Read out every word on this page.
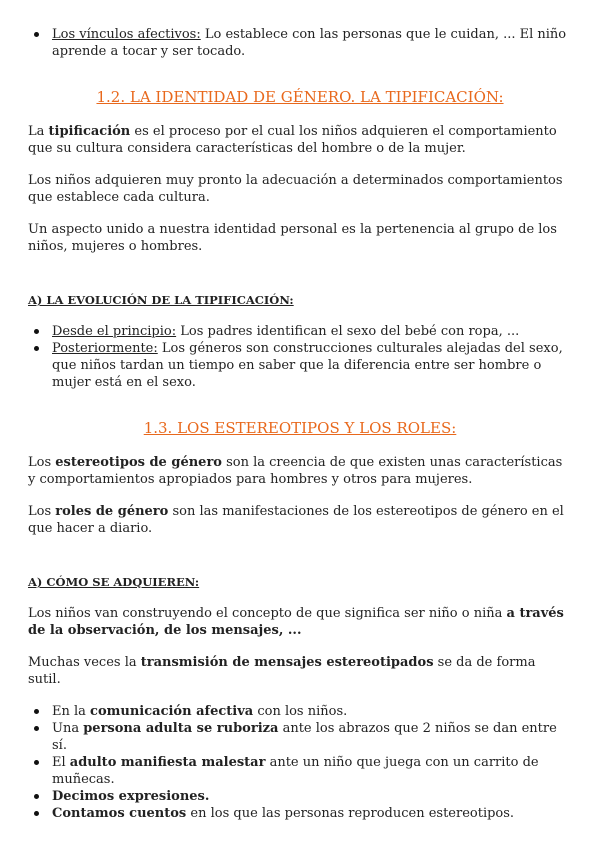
Los vínculos afectivos: Lo establece con las personas que le cuidan, ... El niño aprende a tocar y ser tocado.
1.2. LA IDENTIDAD DE GÉNERO. LA TIPIFICACIÓN:

La tipificación es el proceso por el cual los niños adquieren el comportamiento que su cultura considera características del hombre o de la mujer.

Los niños adquieren muy pronto la adecuación a determinados comportamientos que establece cada cultura.

Un aspecto unido a nuestra identidad personal es la pertenencia al grupo de los niños, mujeres o hombres.

A) LA EVOLUCIÓN DE LA TIPIFICACIÓN:
Desde el principio: Los padres identifican el sexo del bebé con ropa, ...
Posteriormente: Los géneros son construcciones culturales alejadas del sexo, que niños tardan un tiempo en saber que la diferencia entre ser hombre o mujer está en el sexo.
1.3. LOS ESTEREOTIPOS Y LOS ROLES:

Los estereotipos de género son la creencia de que existen unas características y comportamientos apropiados para hombres y otros para mujeres.

Los roles de género son las manifestaciones de los estereotipos de género en el que hacer a diario.

A) CÓMO SE ADQUIEREN:

Los niños van construyendo el concepto de que significa ser niño o niña a través de la observación, de los mensajes, ...

Muchas veces la transmisión de mensajes estereotipados se da de forma sutil.

En la comunicación afectiva con los niños.
Una persona adulta se ruboriza ante los abrazos que 2 niños se dan entre sí.
El adulto manifiesta malestar ante un niño que juega con un carrito de muñecas.
Decimos expresiones.
Contamos cuentos en los que las personas reproducen estereotipos.
